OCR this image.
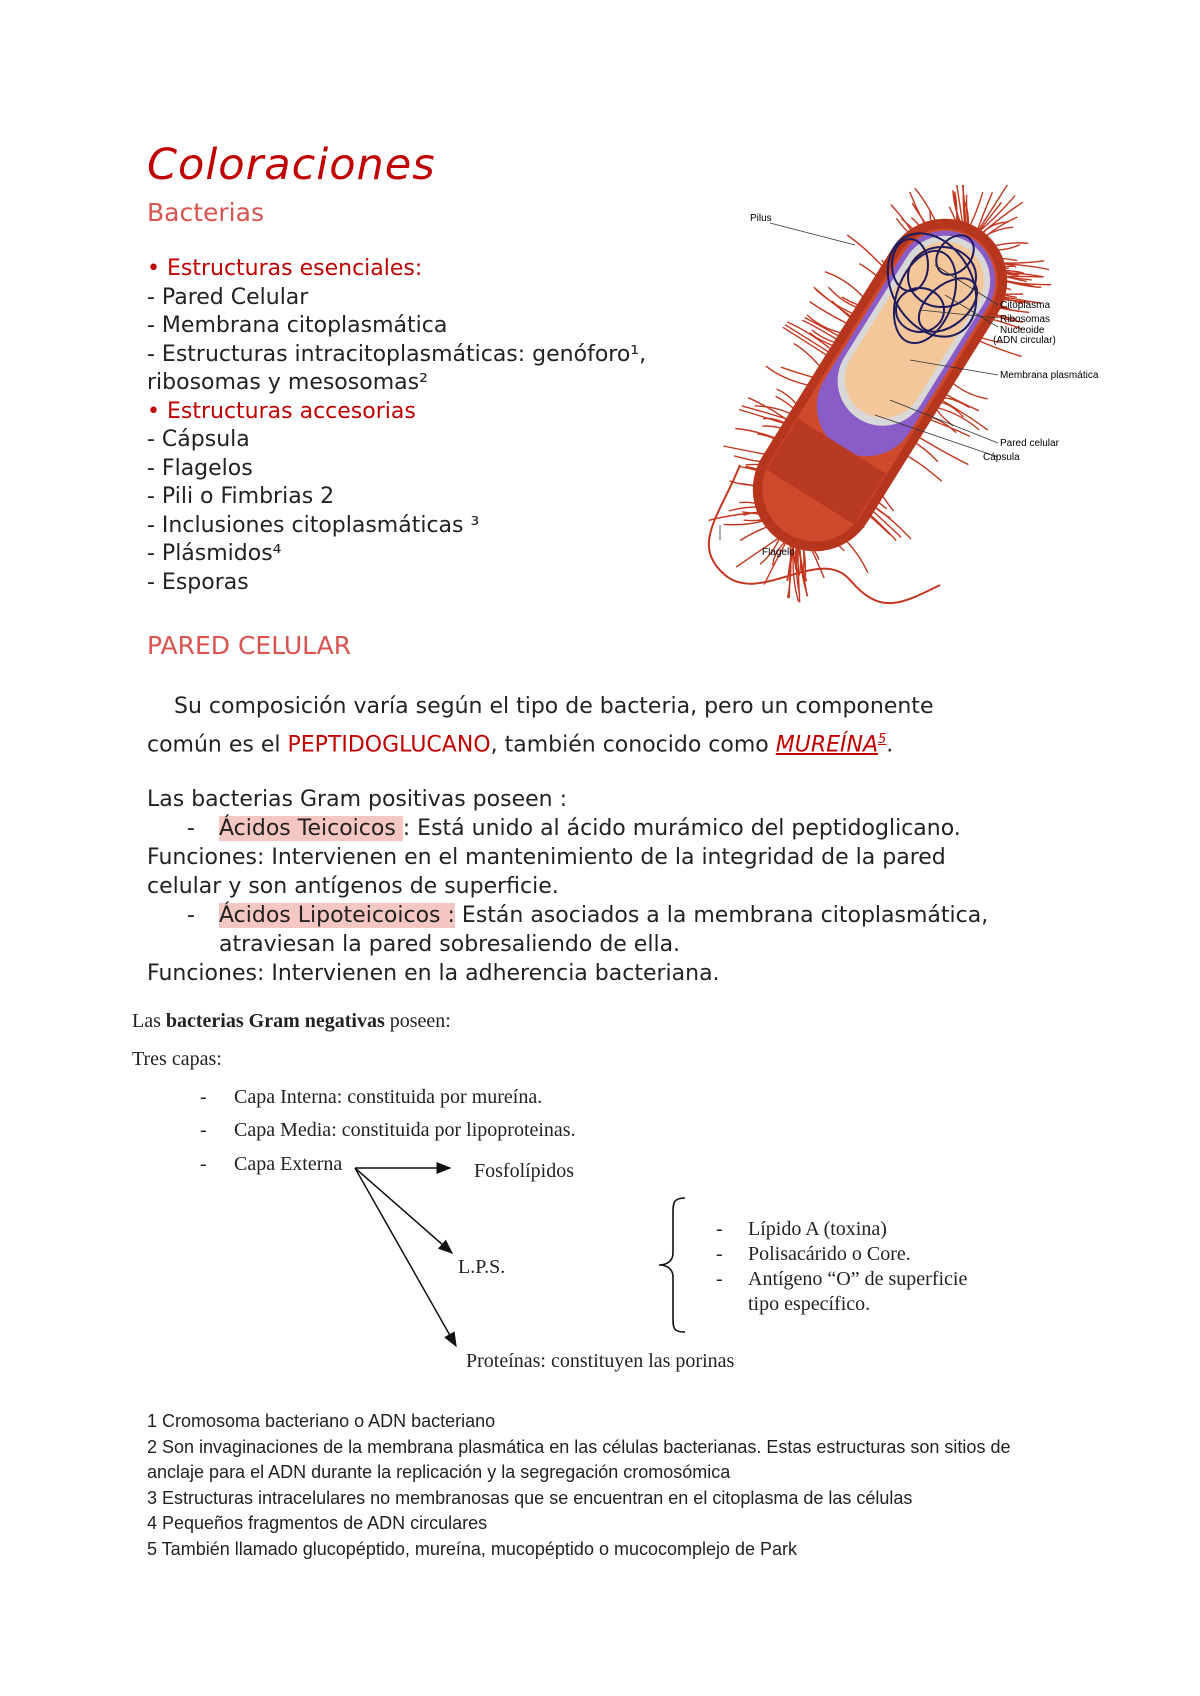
Coloraciones
Bacterias
• Estructuras esenciales:
- Pared Celular
- Membrana citoplasmática
- Estructuras intracitoplasmáticas: genóforo¹,
ribosomas y mesosomas²
• Estructuras accesorias
- Cápsula
- Flagelos
- Pili o Fimbrias 2
- Inclusiones citoplasmáticas ³
- Plásmidos⁴
- Esporas
Pilus
Citoplasma
Ribosomas
Nucleoide
(ADN circular)
Membrana plasmática
Pared celular
Cápsula
Flagelo
PARED CELULAR
Su composición varía según el tipo de bacteria, pero un componente
común es el PEPTIDOGLUCANO, también conocido como MUREÍNA$^5$.
Las bacterias Gram positivas poseen :
- Ácidos Teicoicos : Está unido al ácido murámico del peptidoglicano.
Funciones: Intervienen en el mantenimiento de la integridad de la pared
celular y son antígenos de superficie.
- Ácidos Lipoteicoicos : Están asociados a la membrana citoplasmática,
atraviesan la pared sobresaliendo de ella.
Funciones: Intervienen en la adherencia bacteriana.
Las bacterias Gram negativas poseen:
Tres capas:
- Capa Interna: constituida por mureína.
- Capa Media: constituida por lipoproteinas.
- Capa Externa	Fosfolípidos
L.P.S.
Proteínas: constituyen las porinas
- Lípido A (toxina)
- Polisacárido o Core.
- Antígeno “O” de superficie
tipo específico.
1 Cromosoma bacteriano o ADN bacteriano
2 Son invaginaciones de la membrana plasmática en las células bacterianas. Estas estructuras son sitios de anclaje para el ADN durante la replicación y la segregación cromosómica
3 Estructuras intracelulares no membranosas que se encuentran en el citoplasma de las células
4 Pequeños fragmentos de ADN circulares
5 También llamado glucopéptido, mureína, mucopéptido o mucocomplejo de Park
